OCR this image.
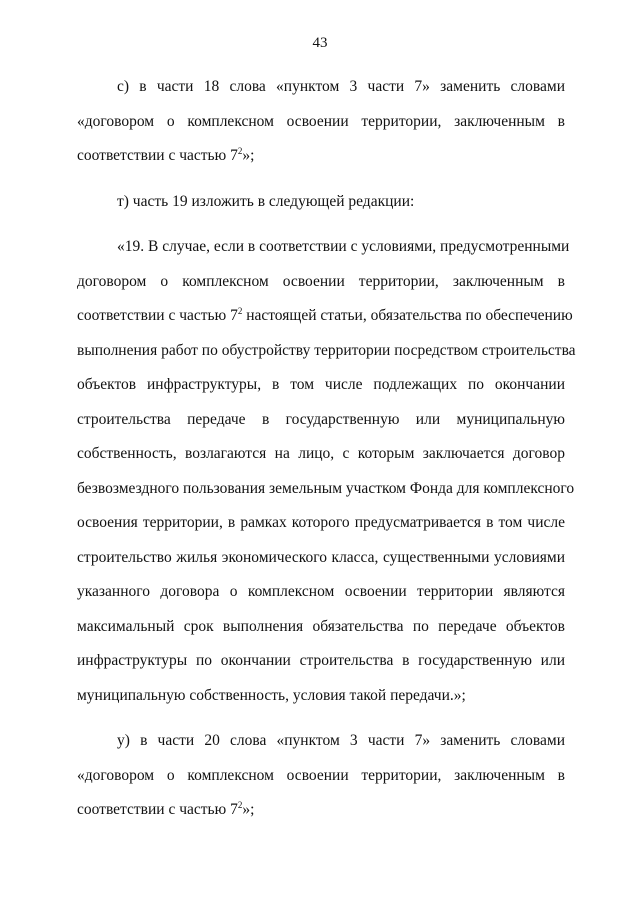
43
с) в части 18 слова «пунктом 3 части 7» заменить словами
«договором о комплексном освоении территории, заключенным в
соответствии с частью $7^2$»;
т) часть 19 изложить в следующей редакции:
«19. В случае, если в соответствии с условиями, предусмотренными
договором о комплексном освоении территории, заключенным в
соответствии с частью $7^2$ настоящей статьи, обязательства по обеспечению
выполнения работ по обустройству территории посредством строительства
объектов инфраструктуры, в том числе подлежащих по окончании
строительства передаче в государственную или муниципальную
собственность, возлагаются на лицо, с которым заключается договор
безвозмездного пользования земельным участком Фонда для комплексного
освоения территории, в рамках которого предусматривается в том числе
строительство жилья экономического класса, существенными условиями
указанного договора о комплексном освоении территории являются
максимальный срок выполнения обязательства по передаче объектов
инфраструктуры по окончании строительства в государственную или
муниципальную собственность, условия такой передачи.»;
у) в части 20 слова «пунктом 3 части 7» заменить словами
«договором о комплексном освоении территории, заключенным в
соответствии с частью $7^2$»;
